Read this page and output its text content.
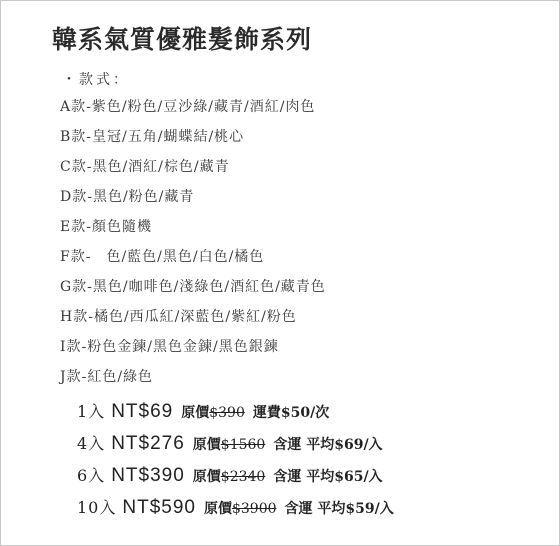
韓系氣質優雅髮飾系列
・款式：
A款-紫色/粉色/豆沙綠/藏青/酒紅/肉色
B款-皇冠/五角/蝴蝶結/桃心
C款-黑色/酒紅/棕色/藏青
D款-黑色/粉色/藏青
E款-顏色隨機
F款-　色/藍色/黑色/白色/橘色
G款-黑色/咖啡色/淺綠色/酒紅色/藏青色
H款-橘色/西瓜紅/深藍色/紫紅/粉色
I款-粉色金鍊/黑色金鍊/黑色銀鍊
J款-紅色/綠色
1入 NT$69 原價$390 運費$50/次
4入 NT$276 原價$1560 含運 平均$69/入
6入 NT$390 原價$2340 含運 平均$65/入
10入 NT$590 原價$3900 含運 平均$59/入
